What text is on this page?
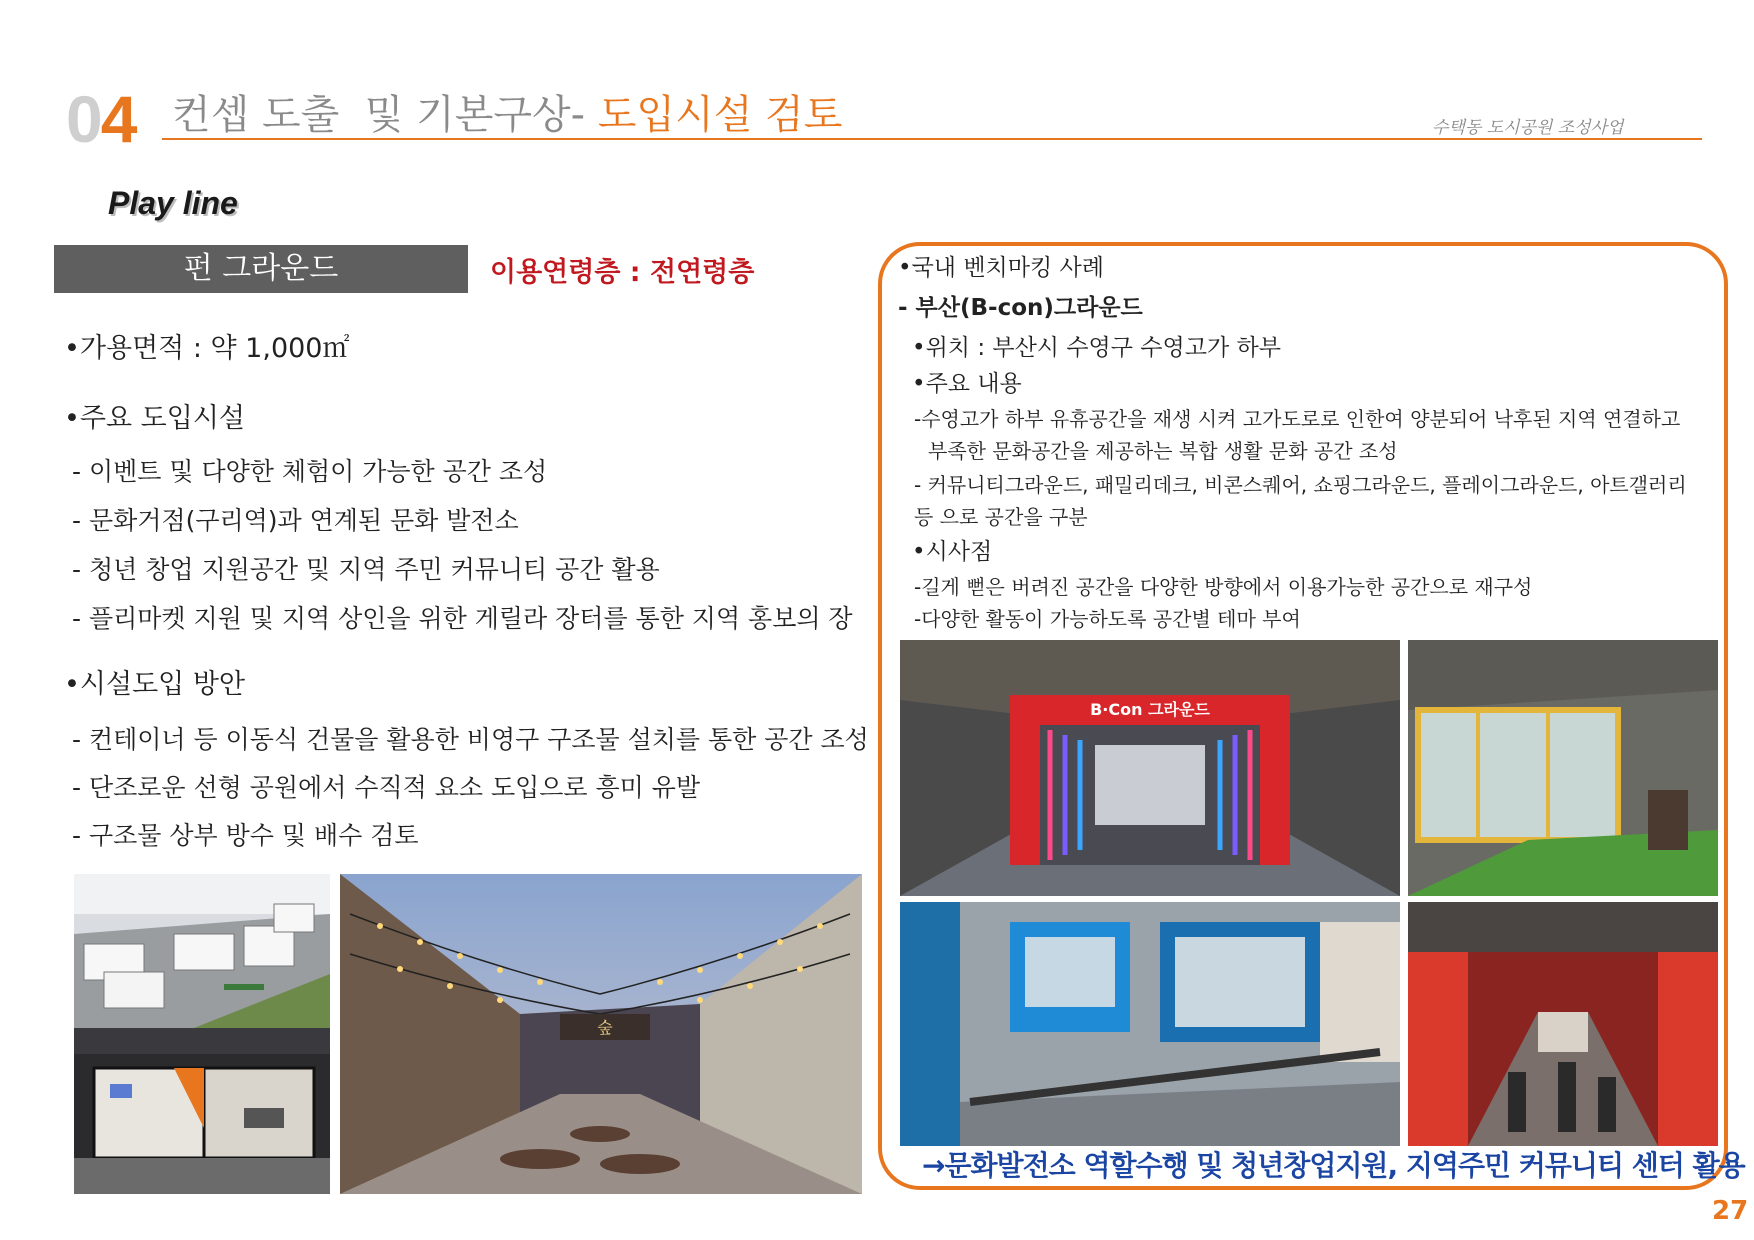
04 컨셉 도출  및 기본구상- 도입시설 검토	수택동 도시공원 조성사업
Play line
펀 그라운드	이용연령층 : 전연령층
•가용면적 : 약 1,000㎡
•주요 도입시설
- 이벤트 및 다양한 체험이 가능한 공간 조성
- 문화거점(구리역)과 연계된 문화 발전소
- 청년 창업 지원공간 및 지역 주민 커뮤니티 공간 활용
- 플리마켓 지원 및 지역 상인을 위한 게릴라 장터를 통한 지역 홍보의 장
•시설도입 방안
- 컨테이너 등 이동식 건물을 활용한 비영구 구조물 설치를 통한 공간 조성
- 단조로운 선형 공원에서 수직적 요소 도입으로 흥미 유발
- 구조물 상부 방수 및 배수 검토
숲
•국내 벤치마킹 사례
- 부산(B-con)그라운드
•위치 : 부산시 수영구 수영고가 하부
•주요 내용
-수영고가 하부 유휴공간을 재생 시켜 고가도로로 인한여 양분되어 낙후된 지역 연결하고
부족한 문화공간을 제공하는 복합 생활 문화 공간 조성
- 커뮤니티그라운드, 패밀리데크, 비콘스퀘어, 쇼핑그라운드, 플레이그라운드, 아트갤러리
등 으로 공간을 구분
•시사점
-길게 뻗은 버려진 공간을 다양한 방향에서 이용가능한 공간으로 재구성
-다양한 활동이 가능하도록 공간별 테마 부여
B·Con 그라운드
→문화발전소 역할수행 및 청년창업지원, 지역주민 커뮤니티 센터 활용
27
